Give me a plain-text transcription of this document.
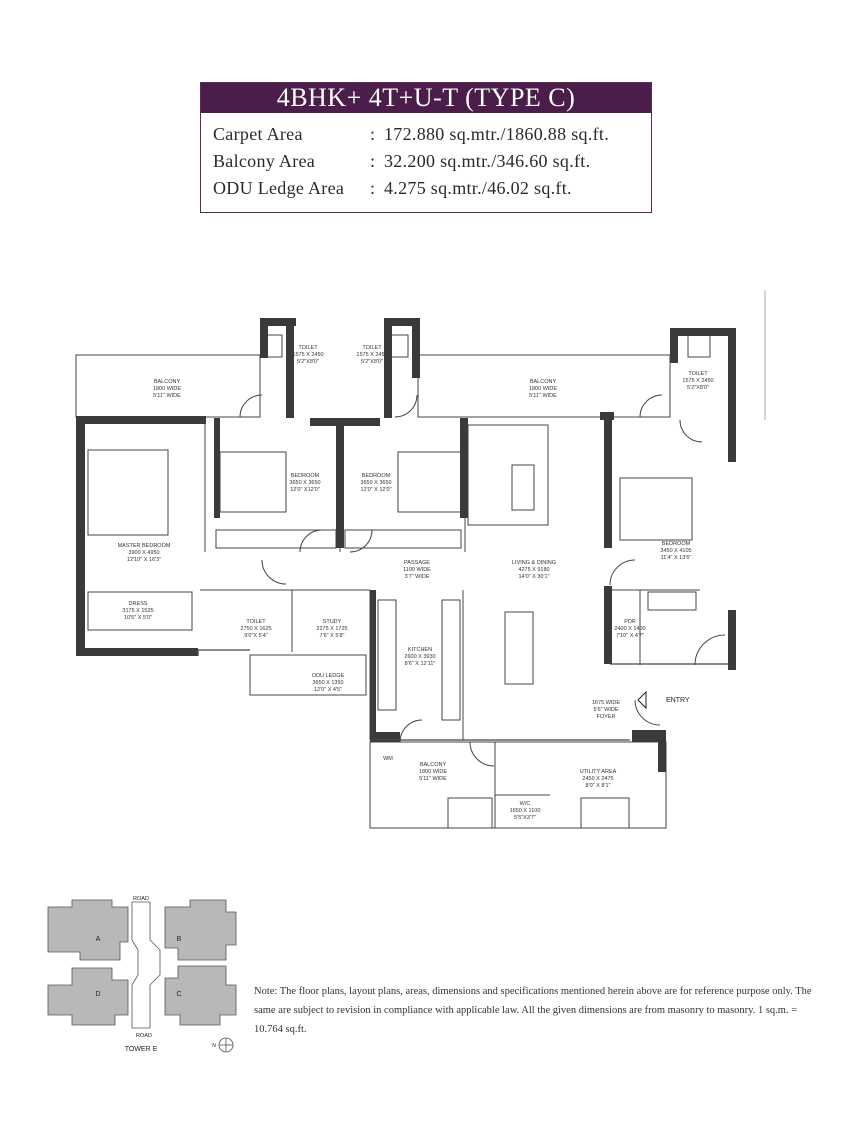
4BHK+ 4T+U-T (TYPE C)
Carpet Area	: 172.880 sq.mtr./1860.88 sq.ft.
Balcony Area	: 32.200 sq.mtr./346.60 sq.ft.
ODU Ledge Area : 4.275 sq.mtr./46.02 sq.ft.
BALCONY
1800 WIDE
5'11" WIDE
TOILET
1575 X 2450
5'2"X8'0"
TOILET
1575 X 2450
5'2"X8'0"
BALCONY
1800 WIDE
5'11" WIDE
TOILET
1575 X 2450
5'2"X8'0"
MASTER BEDROOM
3900 X 4950
12'10" X 16'3"
BEDROOM
3650 X 3650
12'0" X12'0"
BEDROOM
3650 X 3650
12'0" X 12'0"
BEDROOM
3450 X 4105
11'4" X 13'6"
PASSAGE
1100 WIDE
3'7" WIDE
LIVING & DINING
4275 X 9180
14'0" X 30'1"
DRESS
3175 X 1525
10'5" X 5'0"
TOILET
2750 X 1625
9'0"X 5'4"
STUDY
2275 X 1725
7'6" X 5'8"
KITCHEN
2600 X 3930
8'6" X 12'11"
PDR
2400 X 1400
7'10" X 4'7"
ODU LEDGE
3650 X 1350
12'0" X 4'5"
1675 WIDE
5'6" WIDE
FOYER
WM
BALCONY
1800 WIDE
5'11" WIDE
UTILITY AREA
2450 X 2475
8'0" X 8'1"
W/C
1650 X 1100
5'5"X3'7"
ENTRY
ROAD
ROAD
A	B
D	C
TOWER E	N
Note: The floor plans, layout plans, areas, dimensions and specifications mentioned herein above are for reference purpose only. The same are subject to revision in compliance with applicable law. All the given dimensions are from masonry to masonry. 1 sq.m. = 10.764 sq.ft.
